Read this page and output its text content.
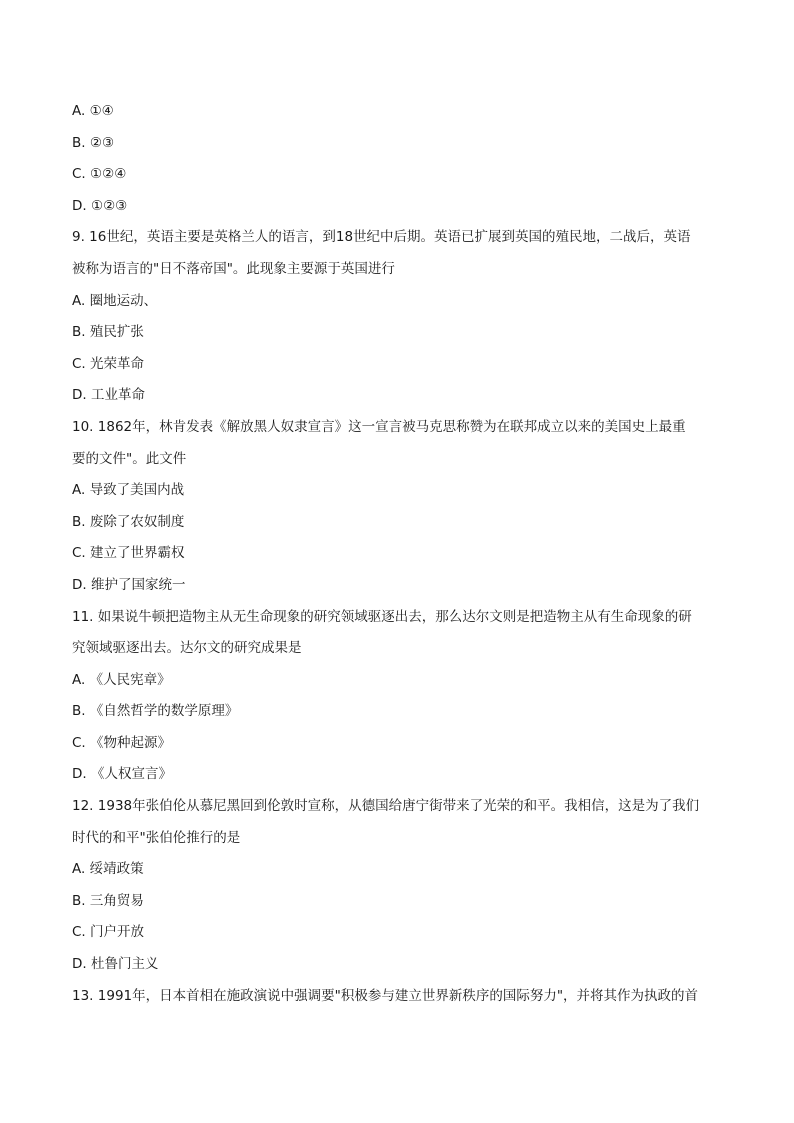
A. ①④
B. ②③
C. ①②④
D. ①②③
9. 16世纪，英语主要是英格兰人的语言，到18世纪中后期。英语已扩展到英国的殖民地，二战后，英语
被称为语言的"日不落帝国"。此现象主要源于英国进行
A. 圈地运动、
B. 殖民扩张
C. 光荣革命
D. 工业革命
10. 1862年，林肯发表《解放黑人奴隶宣言》这一宣言被马克思称赞为在联邦成立以来的美国史上最重
要的文件"。此文件
A. 导致了美国内战
B. 废除了农奴制度
C. 建立了世界霸权
D. 维护了国家统一
11. 如果说牛顿把造物主从无生命现象的研究领域驱逐出去，那么达尔文则是把造物主从有生命现象的研
究领域驱逐出去。达尔文的研究成果是
A. 《人民宪章》
B. 《自然哲学的数学原理》
C. 《物种起源》
D. 《人权宣言》
12. 1938年张伯伦从慕尼黑回到伦敦时宣称，从德国给唐宁街带来了光荣的和平。我相信，这是为了我们
时代的和平"张伯伦推行的是
A. 绥靖政策
B. 三角贸易
C. 门户开放
D. 杜鲁门主义
13. 1991年，日本首相在施政演说中强调要"积极参与建立世界新秩序的国际努力"，并将其作为执政的首
